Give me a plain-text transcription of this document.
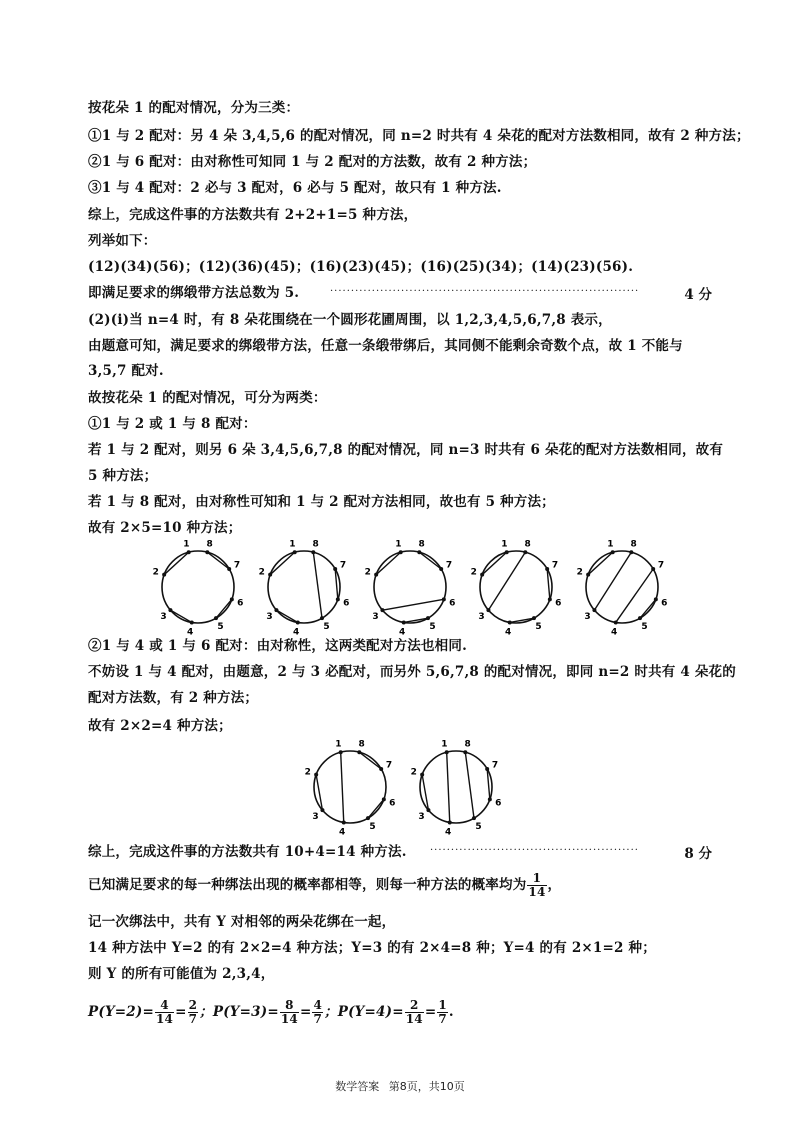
按花朵 1 的配对情况，分为三类：
①1 与 2 配对：另 4 朵 3,4,5,6 的配对情况，同 n=2 时共有 4 朵花的配对方法数相同，故有 2 种方法；
②1 与 6 配对：由对称性可知同 1 与 2 配对的方法数，故有 2 种方法；
③1 与 4 配对：2 必与 3 配对，6 必与 5 配对，故只有 1 种方法.
综上，完成这件事的方法数共有 2+2+1=5 种方法，
列举如下：
(12)(34)(56)；(12)(36)(45)；(16)(23)(45)；(16)(25)(34)；(14)(23)(56).
即满足要求的绑缎带方法总数为 5.	··········································································	4 分
(2)(ⅰ)当 n=4 时，有 8 朵花围绕在一个圆形花圃周围，以 1,2,3,4,5,6,7,8 表示，
由题意可知，满足要求的绑缎带方法，任意一条缎带绑后，其同侧不能剩余奇数个点，故 1 不能与
3,5,7 配对.
故按花朵 1 的配对情况，可分为两类：
①1 与 2 或 1 与 8 配对：
若 1 与 2 配对，则另 6 朵 3,4,5,6,7,8 的配对情况，同 n=3 时共有 6 朵花的配对方法数相同，故有
5 种方法；
若 1 与 8 配对，由对称性可知和 1 与 2 配对方法相同，故也有 5 种方法；
故有 2×5=10 种方法；
1 8
7
6
5
4
3
2
1 8
7
6
5
4
3
2
1 8
7
6
5
4
3
2
1 8
7
6
5
4
3
2
1 8
7
6
5
4
3
2
②1 与 4 或 1 与 6 配对：由对称性，这两类配对方法也相同.
不妨设 1 与 4 配对，由题意，2 与 3 必配对，而另外 5,6,7,8 的配对情况，即同 n=2 时共有 4 朵花的
配对方法数，有 2 种方法；
故有 2×2=4 种方法；
1 8
7
6
5
4
3
2
1 8
7
6
5
4
3
2
综上，完成这件事的方法数共有 10+4=14 种方法.	··················································	8 分
已知满足要求的每一种绑法出现的概率都相等，则每一种方法的概率均为 $\frac{1}{14}$ ，
记一次绑法中，共有 Y 对相邻的两朵花绑在一起，
14 种方法中 Y=2 的有 2×2=4 种方法；Y=3 的有 2×4=8 种；Y=4 的有 2×1=2 种；
则 Y 的所有可能值为 2,3,4，
$P(Y=2)= \frac{4}{14} = \frac{2}{7}$ ；$P(Y=3)= \frac{8}{14} = \frac{4}{7}$ ；$P(Y=4)= \frac{2}{14} = \frac{1}{7}$ .
数学答案 第8页，共10页
